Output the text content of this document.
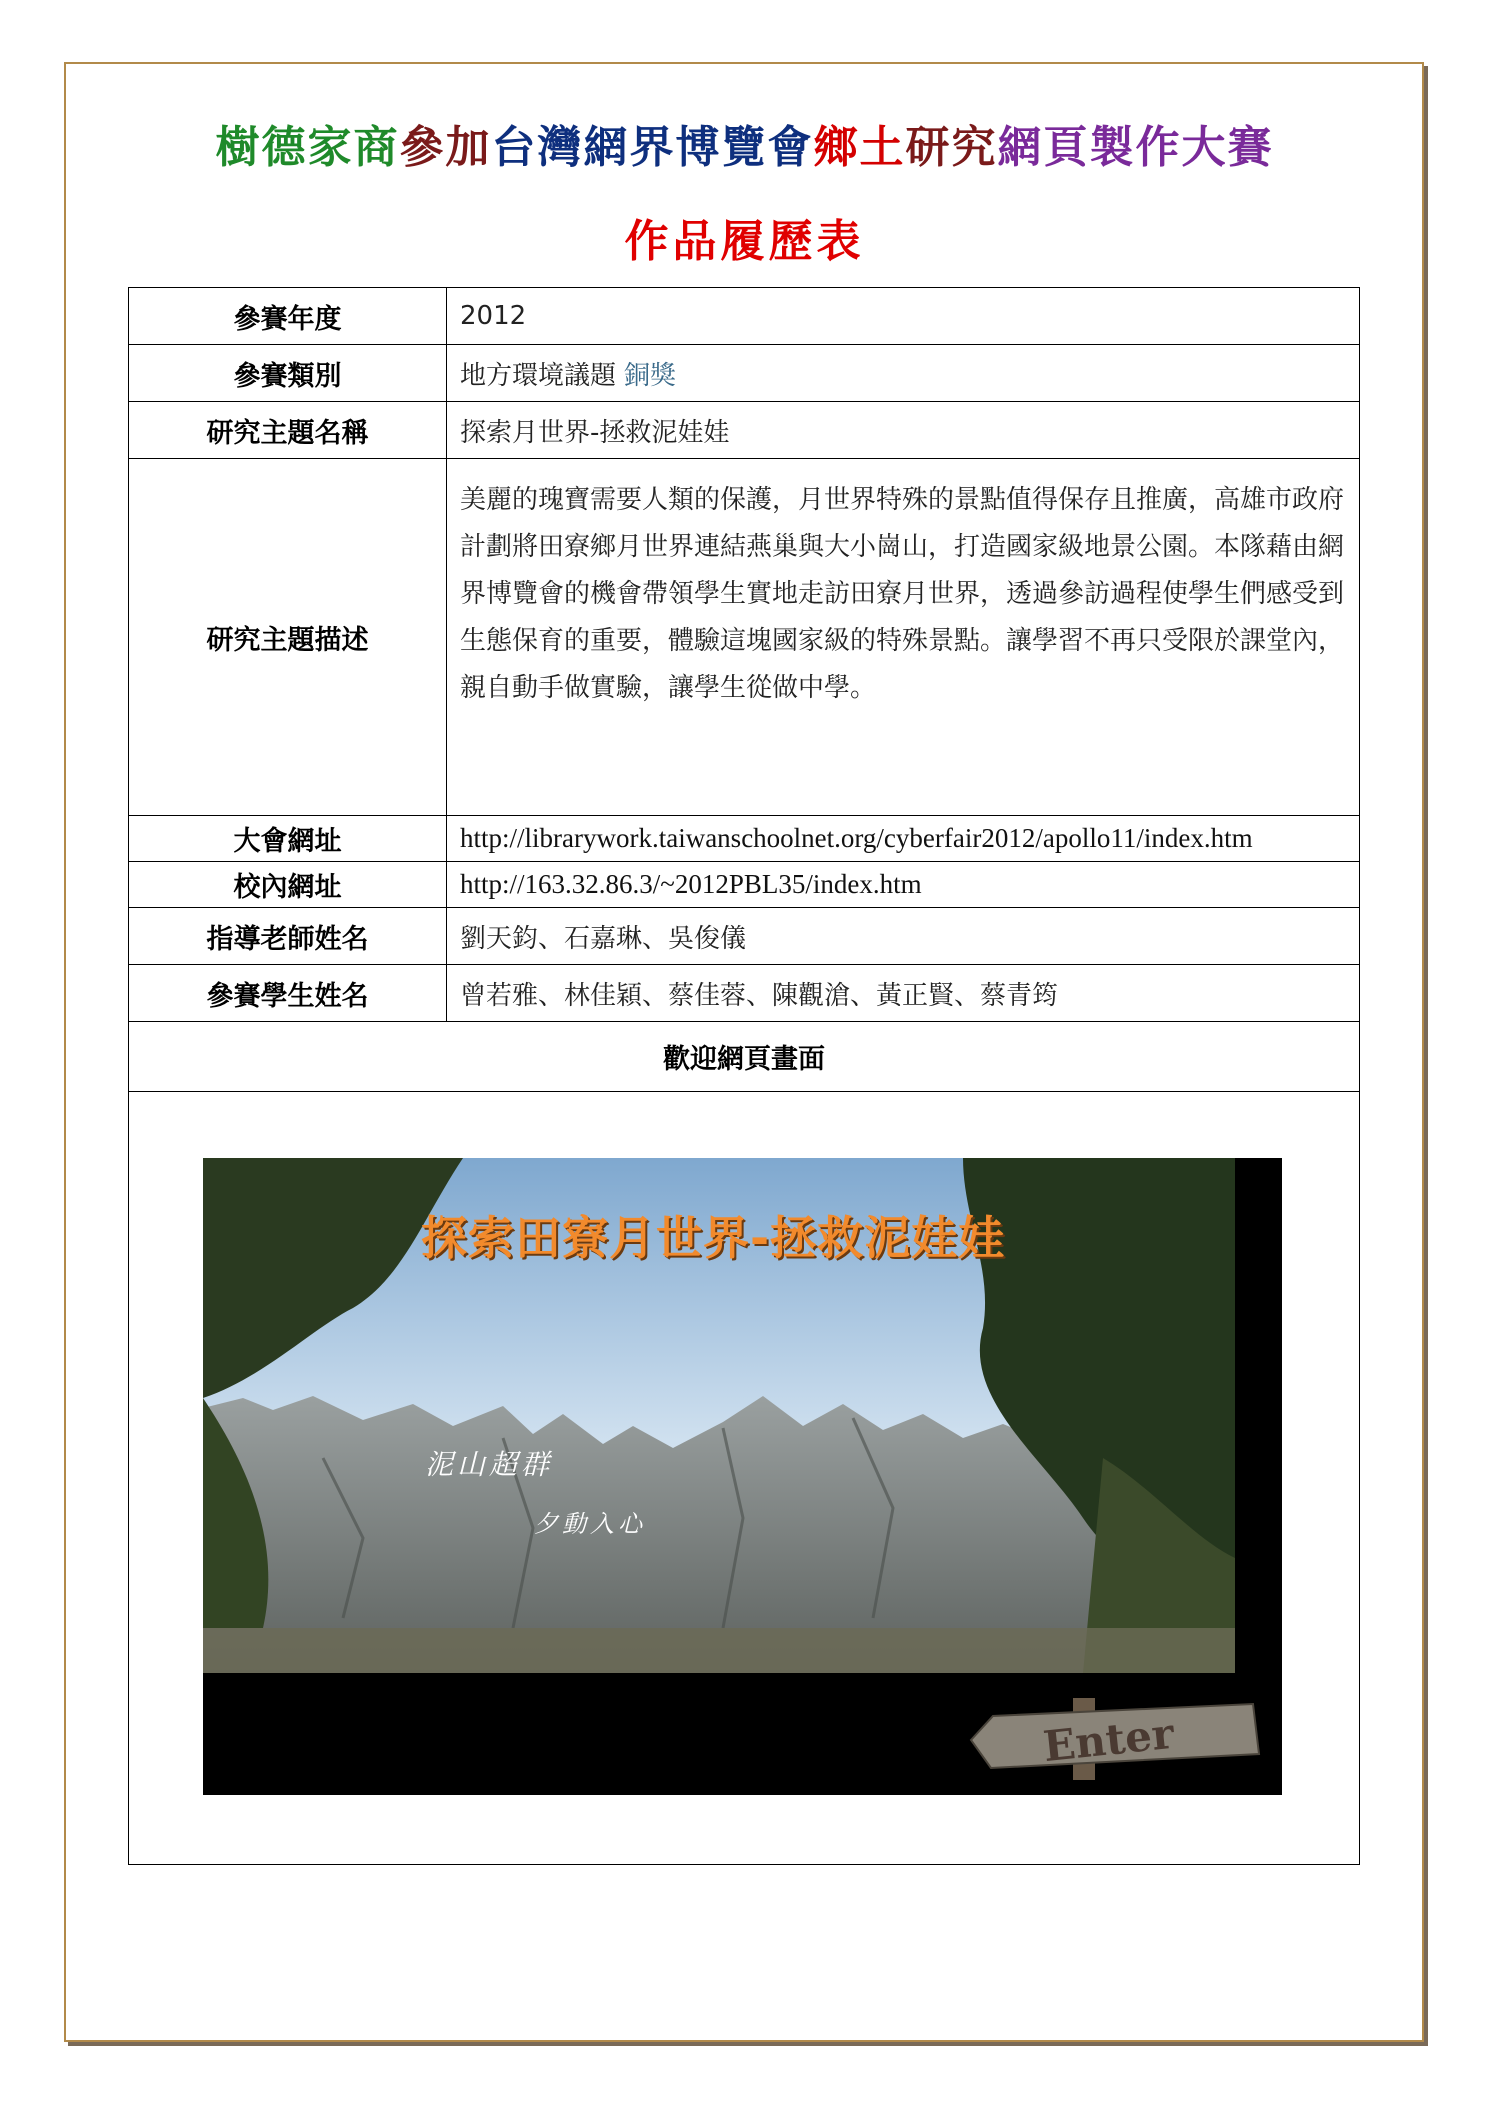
樹德家商參加台灣網界博覽會鄉土研究網頁製作大賽
作品履歷表
參賽年度	2012
參賽類別	地方環境議題 銅獎
研究主題名稱	探索月世界-拯救泥娃娃
研究主題描述	美麗的瑰寶需要人類的保護，月世界特殊的景點值得保存且推廣，高雄市政府計劃將田寮鄉月世界連結燕巢與大小崗山，打造國家級地景公園。本隊藉由網界博覽會的機會帶領學生實地走訪田寮月世界，透過參訪過程使學生們感受到生態保育的重要，體驗這塊國家級的特殊景點。讓學習不再只受限於課堂內，親自動手做實驗，讓學生從做中學。

大會網址	http://librarywork.taiwanschoolnet.org/cyberfair2012/apollo11/index.htm
校內網址	http://163.32.86.3/~2012PBL35/index.htm
指導老師姓名	劉天鈞、石嘉琳、吳俊儀
參賽學生姓名	曾若雅、林佳穎、蔡佳蓉、陳觀滄、黃正賢、蔡青筠
歡迎網頁畫面	

探索田寮月世界-拯救泥娃娃
泥山超群
夕動入心
Enter
